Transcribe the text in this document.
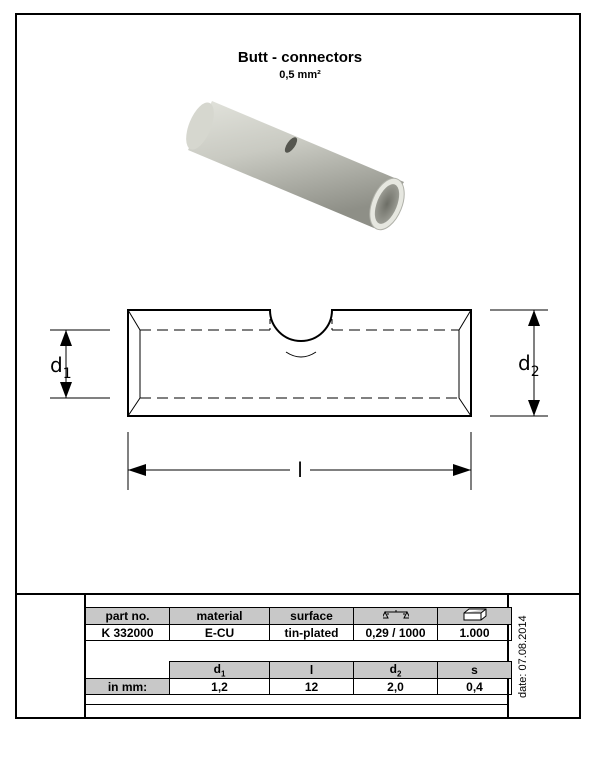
Butt - connectors
0,5 mm²
$d_1$	$d_2$
l
part no.	material	surface		
K 332000	E-CU	tin-plated	0,29 / 1000	1.000

	$d_1$	l	$d_2$	s
in mm:	1,2	12	2,0	0,4	date: 07.08.2014
